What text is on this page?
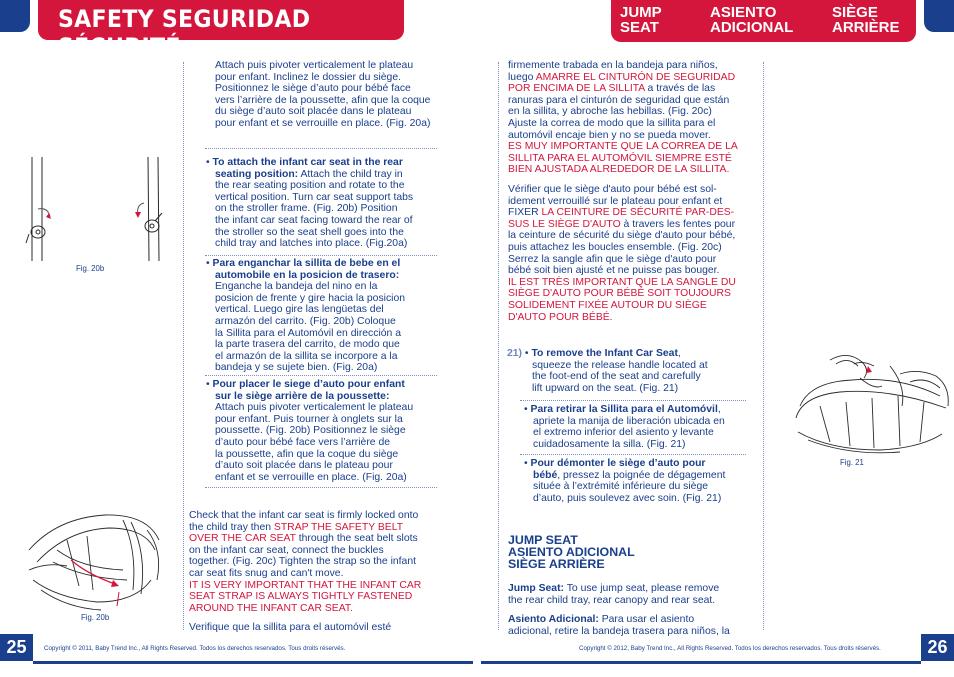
SAFETY SEGURIDAD SÉCURITÉ
JUMP
SEAT
ASIENTO
ADICIONAL
SIÈGE
ARRIÈRE
Fig. 20b
Fig. 20b
Fig. 21
Attach puis pivoter verticalement le plateau
pour enfant. Inclinez le dossier du siège.
Positionnez le siège d’auto pour bébé face
vers l’arrière de la poussette, afin que la coque
du siège d’auto soit placée dans le plateau
pour enfant et se verrouille en place. (Fig. 20a)
• To attach the infant car seat in the rear
seating position: Attach the child tray in
the rear seating position and rotate to the
vertical position. Turn car seat support tabs
on the stroller frame. (Fig. 20b) Position
the infant car seat facing toward the rear of
the stroller so the seat shell goes into the
child tray and latches into place. (Fig.20a)
• Para enganchar la sillita de bebe en el
automobile en la posicion de trasero:
Enganche la bandeja del nino en la
posicion de frente y gire hacia la posicion
vertical. Luego gire las lengüetas del
armazón del carrito. (Fig. 20b) Coloque
la Sillita para el Automóvil en dirección a
la parte trasera del carrito, de modo que
el armazón de la sillita se incorpore a la
bandeja y se sujete bien. (Fig. 20a)
• Pour placer le siege d’auto pour enfant
sur le siège arrière de la poussette:
Attach puis pivoter verticalement le plateau
pour enfant. Puis tourner à onglets sur la
poussette. (Fig. 20b) Positionnez le siège
d’auto pour bébé face vers l’arrière de
la poussette, afin que la coque du siège
d’auto soit placée dans le plateau pour
enfant et se verrouille en place. (Fig. 20a)
Check that the infant car seat is firmly locked onto
the child tray then STRAP THE SAFETY BELT
OVER THE CAR SEAT through the seat belt slots
on the infant car seat, connect the buckles
together. (Fig. 20c) Tighten the strap so the infant
car seat fits snug and can't move.
IT IS VERY IMPORTANT THAT THE INFANT CAR
SEAT STRAP IS ALWAYS TIGHTLY FASTENED
AROUND THE INFANT CAR SEAT.
Verifique que la sillita para el automóvil esté
firmemente trabada en la bandeja para niños,
luego AMARRE EL CINTURÓN DE SEGURIDAD
POR ENCIMA DE LA SILLITA a través de las
ranuras para el cinturón de seguridad que están
en la sillita, y abroche las hebillas. (Fig. 20c)
Ajuste la correa de modo que la sillita para el
automóvil encaje bien y no se pueda mover.
ES MUY IMPORTANTE QUE LA CORREA DE LA
SILLITA PARA EL AUTOMÓVIL SIEMPRE ESTÉ
BIEN AJUSTADA ALREDEDOR DE LA SILLITA.
Vérifier que le siège d'auto pour bébé est sol-
idement verrouillé sur le plateau pour enfant et
FIXER LA CEINTURE DE SÉCURITÉ PAR-DES-
SUS LE SIÈGE D'AUTO à travers les fentes pour
la ceinture de sécurité du siège d'auto pour bébé,
puis attachez les boucles ensemble. (Fig. 20c)
Serrez la sangle afin que le siège d'auto pour
bébé soit bien ajusté et ne puisse pas bouger.
IL EST TRÈS IMPORTANT QUE LA SANGLE DU
SIÈGE D'AUTO POUR BÉBÉ SOIT TOUJOURS
SOLIDEMENT FIXÉE AUTOUR DU SIÈGE
D'AUTO POUR BÉBÉ.
21) • To remove the Infant Car Seat,
squeeze the release handle located at
the foot-end of the seat and carefully
lift upward on the seat. (Fig. 21)
• Para retirar la Sillita para el Automóvil,
apriete la manija de liberación ubicada en
el extremo inferior del asiento y levante
cuidadosamente la silla. (Fig. 21)
• Pour démonter le siège d’auto pour
bébé, pressez la poignée de dégagement
située à l’extrémité inférieure du siège
d’auto, puis soulevez avec soin. (Fig. 21)
JUMP SEAT
ASIENTO ADICIONAL
SIÈGE ARRIÈRE
Jump Seat: To use jump seat, please remove
the rear child tray, rear canopy and rear seat.
Asiento Adicional: Para usar el asiento
adicional, retire la bandeja trasera para niños, la
25	Copyright © 2011, Baby Trend Inc., All Rights Reserved. Todos los derechos reservados. Tous droits réservés.	26
Copyright © 2012, Baby Trend Inc., All Rights Reserved. Todos los derechos reservados. Tous droits réservés.
